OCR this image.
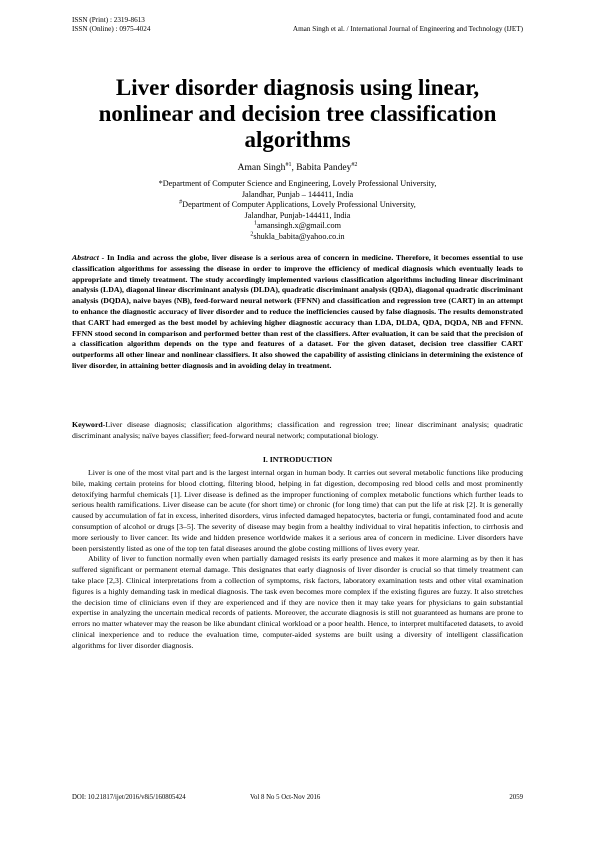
ISSN (Print) : 2319-8613
ISSN (Online) : 0975-4024	Aman Singh et al. / International Journal of Engineering and Technology (IJET)
Liver disorder diagnosis using linear, nonlinear and decision tree classification algorithms
Aman Singh$^{\#1}$, Babita Pandey$^{\#2}$
*Department of Computer Science and Engineering, Lovely Professional University,
Jalandhar, Punjab – 144411, India
#Department of Computer Applications, Lovely Professional University,
Jalandhar, Punjab-144411, India
$^1$amansingh.x@gmail.com
$^2$shukla_babita@yahoo.co.in
Abstract - In India and across the globe, liver disease is a serious area of concern in medicine. Therefore, it becomes essential to use classification algorithms for assessing the disease in order to improve the efficiency of medical diagnosis which eventually leads to appropriate and timely treatment. The study accordingly implemented various classification algorithms including linear discriminant analysis (LDA), diagonal linear discriminant analysis (DLDA), quadratic discriminant analysis (QDA), diagonal quadratic discriminant analysis (DQDA), naive bayes (NB), feed-forward neural network (FFNN) and classification and regression tree (CART) in an attempt to enhance the diagnostic accuracy of liver disorder and to reduce the inefficiencies caused by false diagnosis. The results demonstrated that CART had emerged as the best model by achieving higher diagnostic accuracy than LDA, DLDA, QDA, DQDA, NB and FFNN. FFNN stood second in comparison and performed better than rest of the classifiers. After evaluation, it can be said that the precision of a classification algorithm depends on the type and features of a dataset. For the given dataset, decision tree classifier CART outperforms all other linear and nonlinear classifiers. It also showed the capability of assisting clinicians in determining the existence of liver disorder, in attaining better diagnosis and in avoiding delay in treatment.
Keyword-Liver disease diagnosis; classification algorithms; classification and regression tree; linear discriminant analysis; quadratic discriminant analysis; naïve bayes classifier; feed-forward neural network; computational biology.
I. INTRODUCTION

Liver is one of the most vital part and is the largest internal organ in human body. It carries out several metabolic functions like producing bile, making certain proteins for blood clotting, filtering blood, helping in fat digestion, decomposing red blood cells and most prominently detoxifying harmful chemicals [1]. Liver disease is defined as the improper functioning of complex metabolic functions which further leads to serious health ramifications. Liver disease can be acute (for short time) or chronic (for long time) that can put the life at risk [2]. It is generally caused by accumulation of fat in excess, inherited disorders, virus infected damaged hepatocytes, bacteria or fungi, contaminated food and acute consumption of alcohol or drugs [3–5]. The severity of disease may begin from a healthy individual to viral hepatitis infection, to cirrhosis and more seriously to liver cancer. Its wide and hidden presence worldwide makes it a serious area of concern in medicine. Liver disorders have been persistently listed as one of the top ten fatal diseases around the globe costing millions of lives every year.

Ability of liver to function normally even when partially damaged resists its early presence and makes it more alarming as by then it has suffered significant or permanent eternal damage. This designates that early diagnosis of liver disorder is crucial so that timely treatment can take place [2,3]. Clinical interpretations from a collection of symptoms, risk factors, laboratory examination tests and other vital examination figures is a highly demanding task in medical diagnosis. The task even becomes more complex if the existing figures are fuzzy. It also stretches the decision time of clinicians even if they are experienced and if they are novice then it may take years for physicians to gain substantial expertise in analyzing the uncertain medical records of patients. Moreover, the accurate diagnosis is still not guaranteed as humans are prone to errors no matter whatever may the reason be like abundant clinical workload or a poor health. Hence, to interpret multifaceted datasets, to avoid clinical inexperience and to reduce the evaluation time, computer-aided systems are built using a diversity of intelligent classification algorithms for liver disorder diagnosis.

DOI: 10.21817/ijet/2016/v8i5/160805424	Vol 8 No 5 Oct-Nov 2016	2059
